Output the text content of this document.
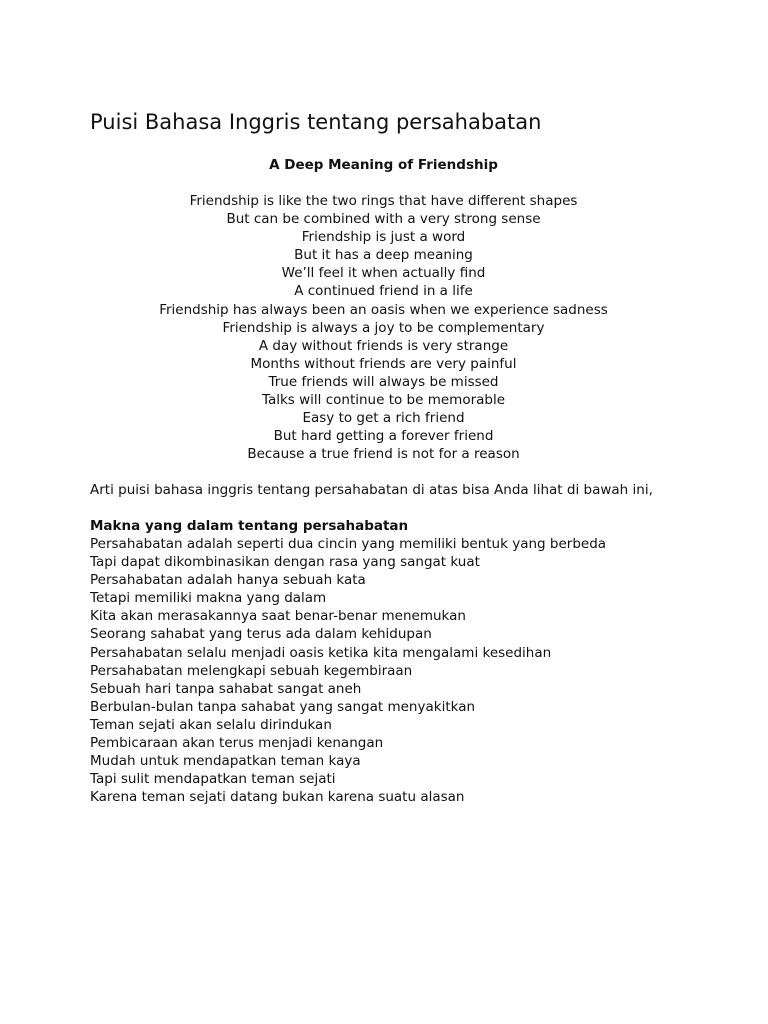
Puisi Bahasa Inggris tentang persahabatan

A Deep Meaning of Friendship

Friendship is like the two rings that have different shapes
But can be combined with a very strong sense
Friendship is just a word
But it has a deep meaning
We’ll feel it when actually find
A continued friend in a life
Friendship has always been an oasis when we experience sadness
Friendship is always a joy to be complementary
A day without friends is very strange
Months without friends are very painful
True friends will always be missed
Talks will continue to be memorable
Easy to get a rich friend
But hard getting a forever friend
Because a true friend is not for a reason

Arti puisi bahasa inggris tentang persahabatan di atas bisa Anda lihat di bawah ini,

Makna yang dalam tentang persahabatan

Persahabatan adalah seperti dua cincin yang memiliki bentuk yang berbeda
Tapi dapat dikombinasikan dengan rasa yang sangat kuat
Persahabatan adalah hanya sebuah kata
Tetapi memiliki makna yang dalam
Kita akan merasakannya saat benar-benar menemukan
Seorang sahabat yang terus ada dalam kehidupan
Persahabatan selalu menjadi oasis ketika kita mengalami kesedihan
Persahabatan melengkapi sebuah kegembiraan
Sebuah hari tanpa sahabat sangat aneh
Berbulan-bulan tanpa sahabat yang sangat menyakitkan
Teman sejati akan selalu dirindukan
Pembicaraan akan terus menjadi kenangan
Mudah untuk mendapatkan teman kaya
Tapi sulit mendapatkan teman sejati
Karena teman sejati datang bukan karena suatu alasan
